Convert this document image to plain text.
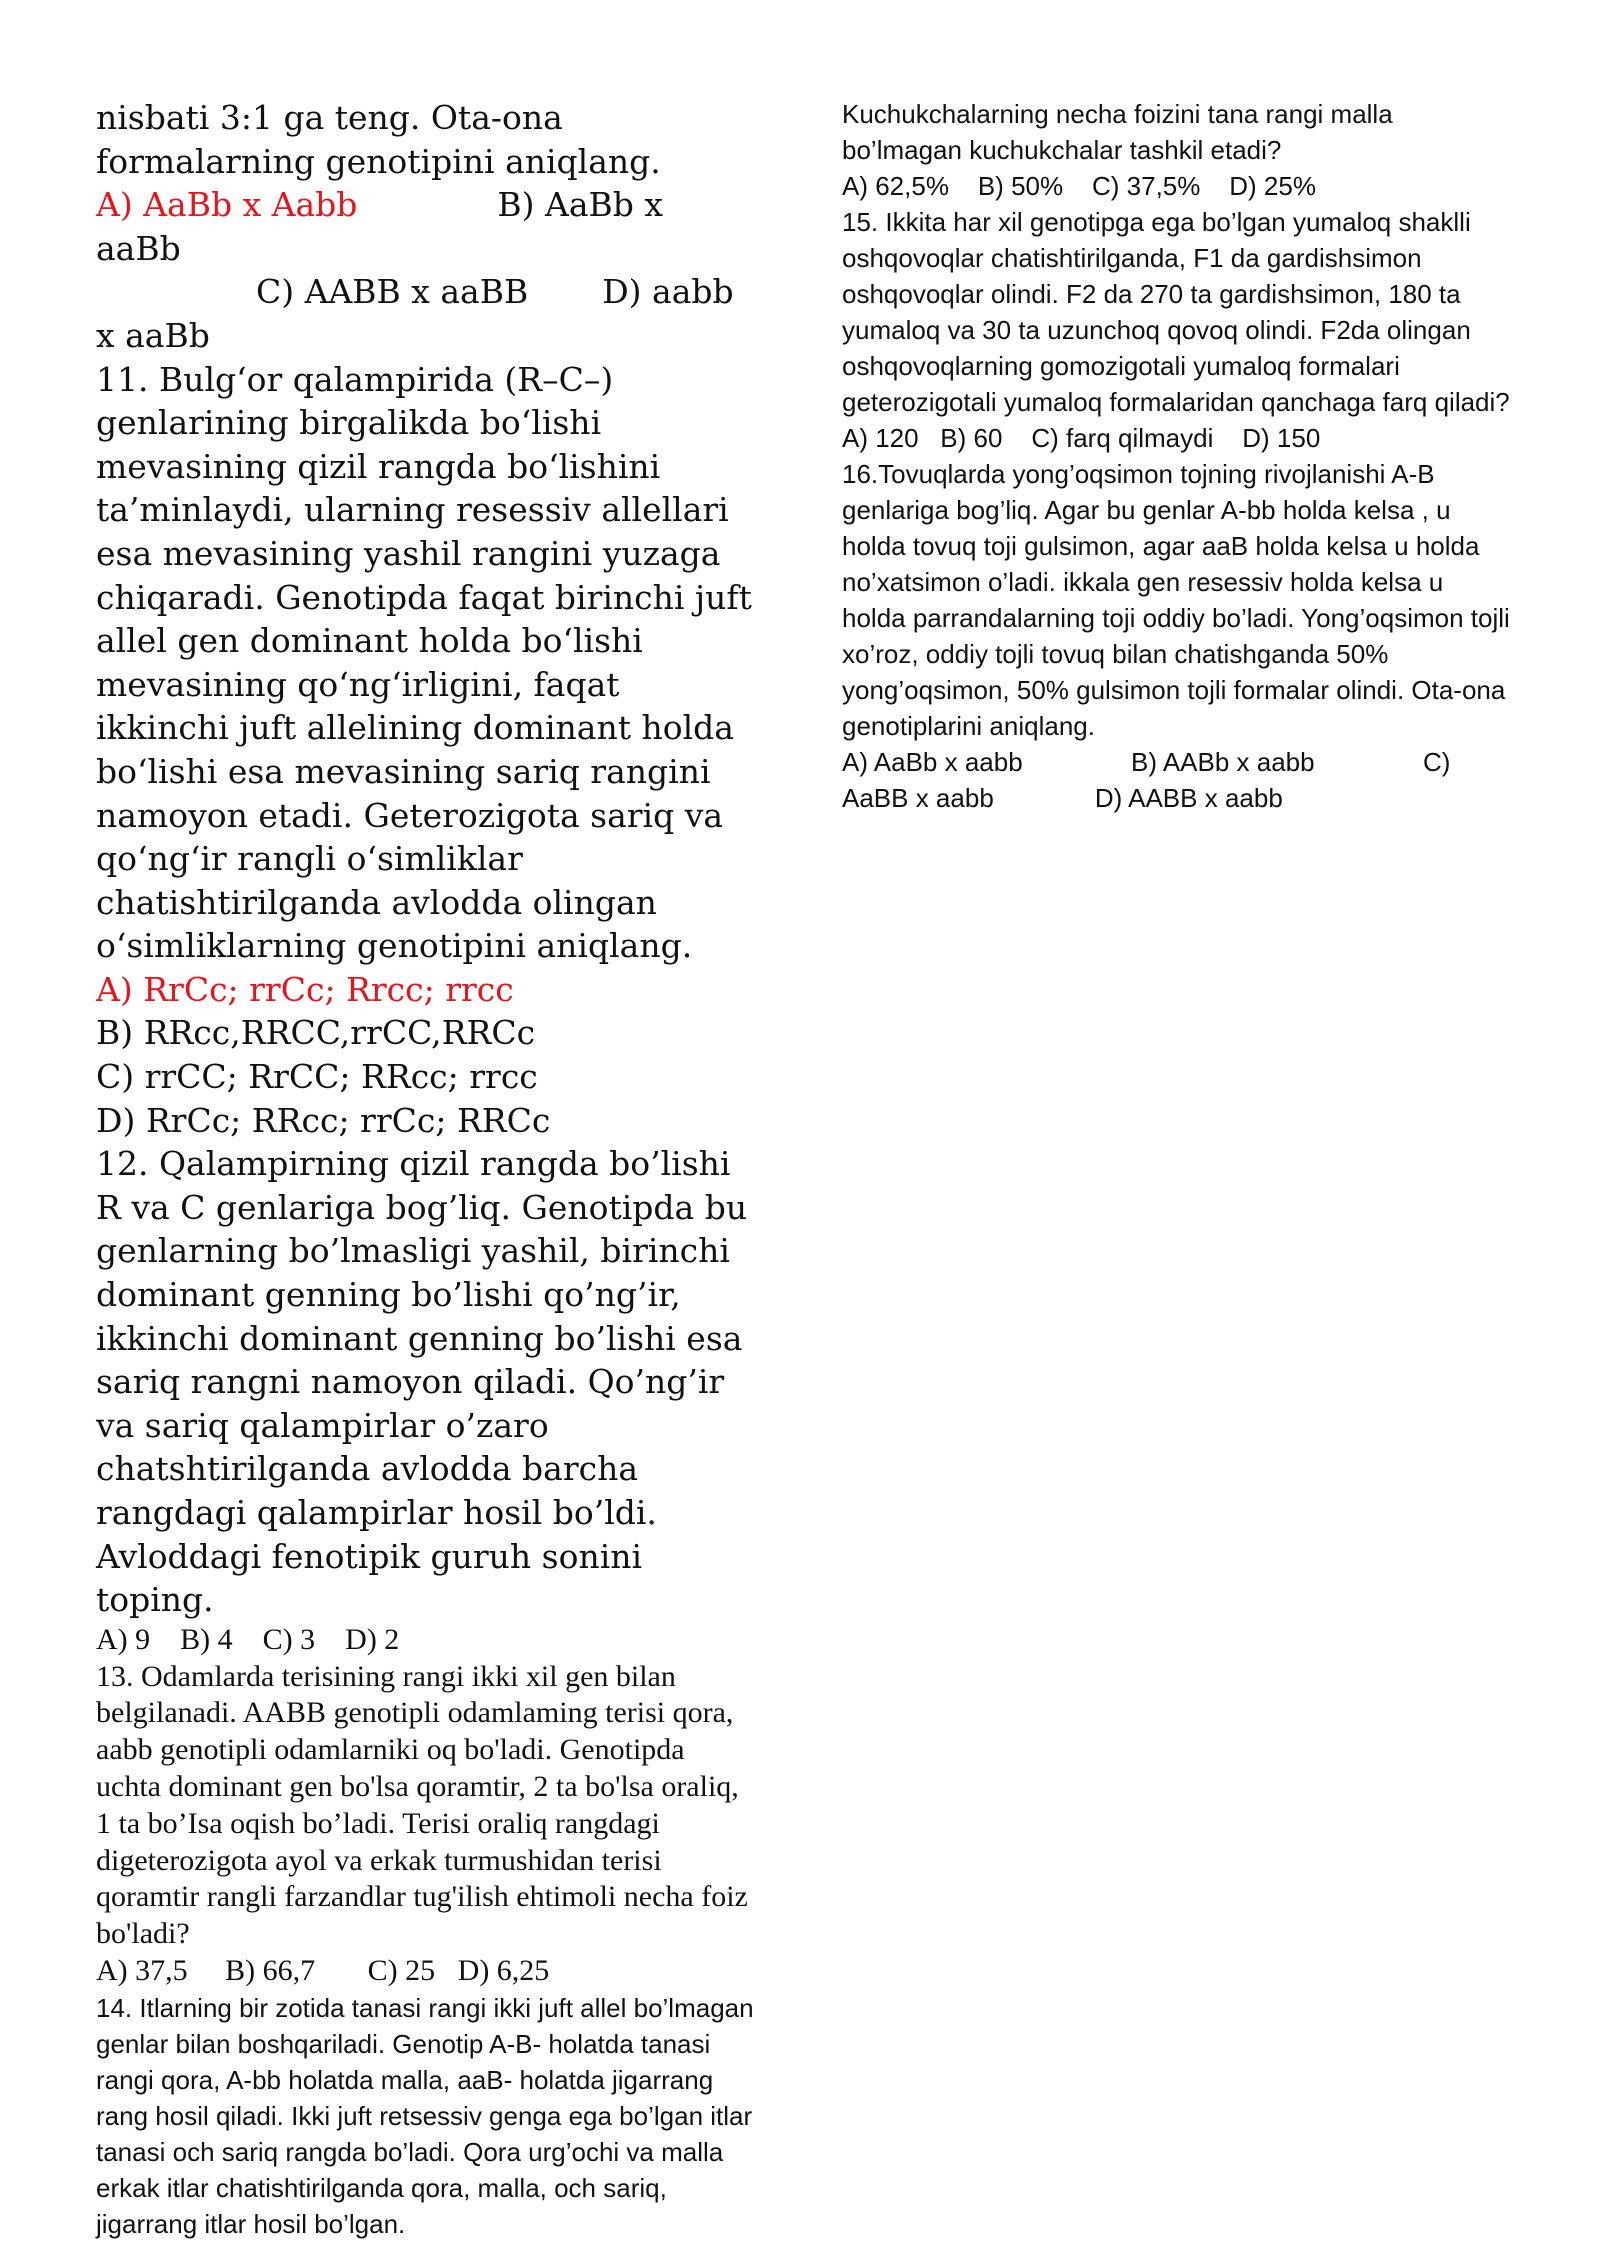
nisbati 3:1 ga teng. Ota-ona formalarning genotipini aniqlang.

A) AaBb x Aabb	B) AaBb x aaBb
C) AABB x aaBB D) aabb x aaBb

11. Bulg‘or qalampirida (R–C–) genlarining birgalikda bo‘lishi mevasining qizil rangda bo‘lishini ta’minlaydi, ularning resessiv allellari esa mevasining yashil rangini yuzaga chiqaradi. Genotipda faqat birinchi juft allel gen dominant holda bo‘lishi mevasining qo‘ng‘irligini, faqat ikkinchi juft allelining dominant holda bo‘lishi esa mevasining sariq rangini namoyon etadi. Geterozigota sariq va qo‘ng‘ir rangli o‘simliklar chatishtirilganda avlodda olingan o‘simliklarning genotipini aniqlang.

A) RrCc; rrCc; Rrcc; rrcc

B) RRcc,RRCC,rrCC,RRCc

C) rrCC; RrCC; RRcc; rrcc

D) RrCc; RRcc; rrCc; RRCc

12. Qalampirning qizil rangda bo’lishi R va C genlariga bog’liq. Genotipda bu genlarning bo’lmasligi yashil, birinchi dominant genning bo’lishi qo’ng’ir, ikkinchi dominant genning bo’lishi esa sariq rangni namoyon qiladi. Qo’ng’ir va sariq qalampirlar o’zaro chatshtirilganda avlodda barcha rangdagi qalampirlar hosil bo’ldi. Avloddagi fenotipik guruh sonini toping.

A) 9    B) 4    C) 3    D) 2

13. Odamlarda terisining rangi ikki xil gen bilan belgilanadi. AABB genotipli odamlaming terisi qora, aabb genotipli odamlarniki oq bo'ladi. Genotipda uchta dominant gen bo'lsa qoramtir, 2 ta bo'lsa oraliq, 1 ta bo’Isa oqish bo’ladi. Terisi oraliq rangdagi digeterozigota ayol va erkak turmushidan terisi qoramtir rangli farzandlar tug'ilish ehtimoli necha foiz bo'ladi?

A) 37,5     B) 66,7       C) 25   D) 6,25

14. Itlarning bir zotida tanasi rangi ikki juft allel bo’lmagan genlar bilan boshqariladi. Genotip A-B- holatda tanasi rangi qora, A-bb holatda malla, aaB- holatda jigarrang rang hosil qiladi. Ikki juft retsessiv genga ega bo’lgan itlar tanasi och sariq rangda bo’ladi. Qora urg’ochi va malla erkak itlar chatishtirilganda qora, malla, och sariq, jigarrang itlar hosil bo’lgan.

Kuchukchalarning necha foizini tana rangi malla bo’lmagan kuchukchalar tashkil etadi?

A) 62,5%    B) 50%    C) 37,5%    D) 25%

15. Ikkita har xil genotipga ega bo’lgan yumaloq shaklli oshqovoqlar chatishtirilganda, F1 da gardishsimon oshqovoqlar olindi. F2 da 270 ta gardishsimon, 180 ta yumaloq va 30 ta uzunchoq qovoq olindi. F2da olingan oshqovoqlarning gomozigotali yumaloq formalari geterozigotali yumaloq formalaridan qanchaga farq qiladi?

A) 120   B) 60    C) farq qilmaydi    D) 150

16.Tovuqlarda yong’oqsimon tojning rivojlanishi A-B genlariga bog’liq. Agar bu genlar A-bb holda kelsa , u holda tovuq toji gulsimon, agar aaB holda kelsa u holda no’xatsimon o’ladi. ikkala gen resessiv holda kelsa u holda parrandalarning toji oddiy bo’ladi. Yong’oqsimon tojli xo’roz, oddiy tojli tovuq bilan chatishganda 50% yong’oqsimon, 50% gulsimon tojli formalar olindi. Ota-ona genotiplarini aniqlang.

A) AaBb x aabb               B) AABb x aabb               C)

AaBB x aabb              D) AABB x aabb
